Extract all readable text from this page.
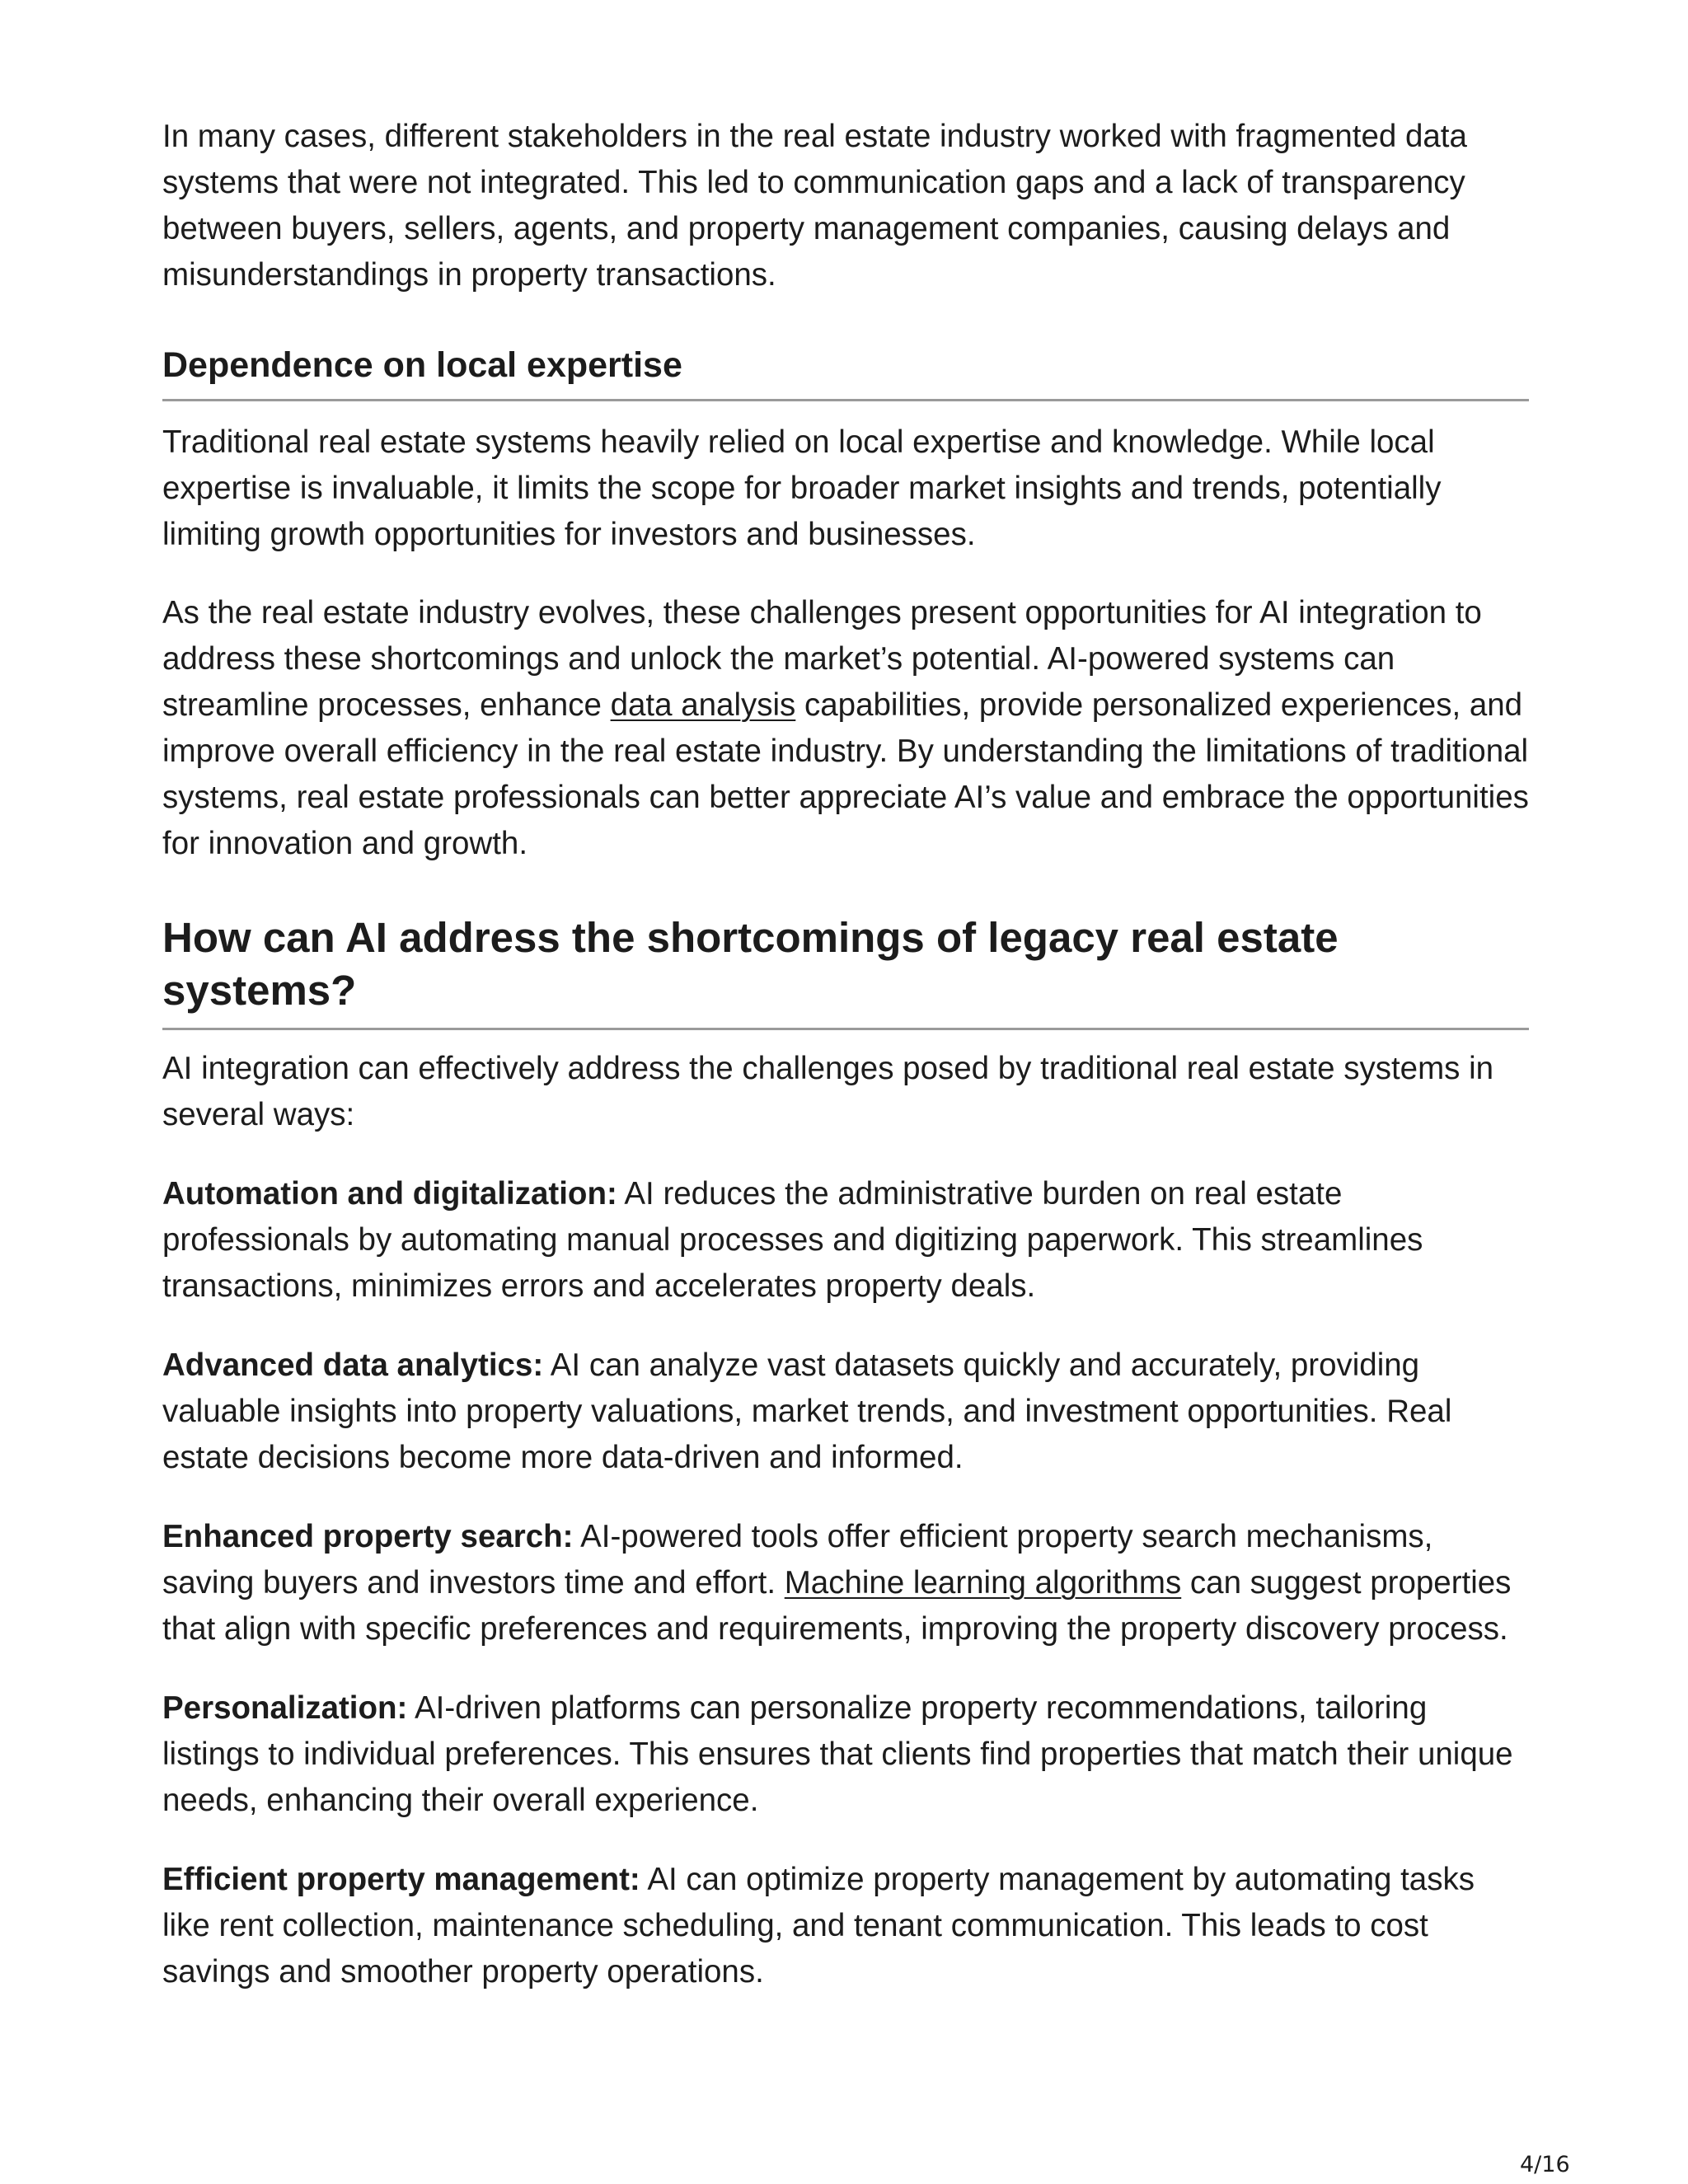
In many cases, different stakeholders in the real estate industry worked with fragmented data systems that were not integrated. This led to communication gaps and a lack of transparency between buyers, sellers, agents, and property management companies, causing delays and misunderstandings in property transactions.

Dependence on local expertise

Traditional real estate systems heavily relied on local expertise and knowledge. While local expertise is invaluable, it limits the scope for broader market insights and trends, potentially limiting growth opportunities for investors and businesses.

As the real estate industry evolves, these challenges present opportunities for AI integration to address these shortcomings and unlock the market’s potential. AI-powered systems can streamline processes, enhance data analysis capabilities, provide personalized experiences, and improve overall efficiency in the real estate industry. By understanding the limitations of traditional systems, real estate professionals can better appreciate AI’s value and embrace the opportunities for innovation and growth.

How can AI address the shortcomings of legacy real estate systems?

AI integration can effectively address the challenges posed by traditional real estate systems in several ways:

Automation and digitalization: AI reduces the administrative burden on real estate professionals by automating manual processes and digitizing paperwork. This streamlines transactions, minimizes errors and accelerates property deals.

Advanced data analytics: AI can analyze vast datasets quickly and accurately, providing valuable insights into property valuations, market trends, and investment opportunities. Real estate decisions become more data-driven and informed.

Enhanced property search: AI-powered tools offer efficient property search mechanisms, saving buyers and investors time and effort. Machine learning algorithms can suggest properties that align with specific preferences and requirements, improving the property discovery process.

Personalization: AI-driven platforms can personalize property recommendations, tailoring listings to individual preferences. This ensures that clients find properties that match their unique needs, enhancing their overall experience.

Efficient property management: AI can optimize property management by automating tasks like rent collection, maintenance scheduling, and tenant communication. This leads to cost savings and smoother property operations.

4/16
